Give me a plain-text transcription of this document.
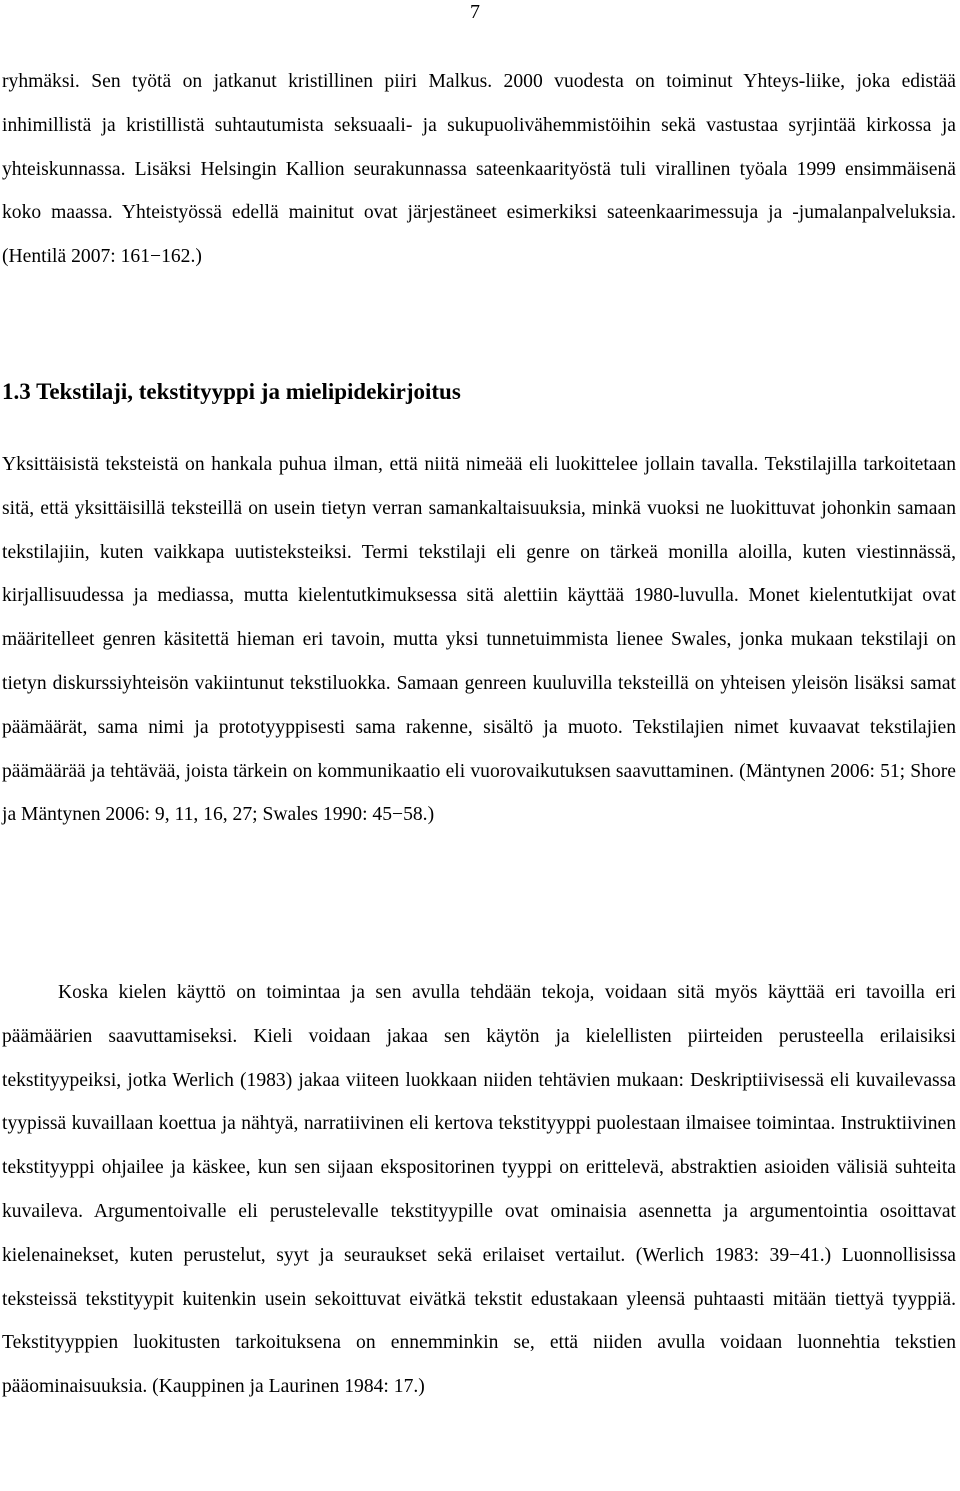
7

ryhmäksi. Sen työtä on jatkanut kristillinen piiri Malkus. 2000 vuodesta on toiminut Yhteys-liike, joka edistää inhimillistä ja kristillistä suhtautumista seksuaali- ja sukupuolivähemmistöihin sekä vastustaa syrjintää kirkossa ja yhteiskunnassa. Lisäksi Helsingin Kallion seurakunnassa sateenkaarityöstä tuli virallinen työala 1999 ensimmäisenä koko maassa. Yhteistyössä edellä mainitut ovat järjestäneet esimerkiksi sateenkaarimessuja ja -jumalanpalveluksia. (Hentilä 2007: 161−162.)

1.3 Tekstilaji, tekstityyppi ja mielipidekirjoitus

Yksittäisistä teksteistä on hankala puhua ilman, että niitä nimeää eli luokittelee jollain tavalla. Tekstilajilla tarkoitetaan sitä, että yksittäisillä teksteillä on usein tietyn verran samankaltaisuuksia, minkä vuoksi ne luokittuvat johonkin samaan tekstilajiin, kuten vaikkapa uutisteksteiksi. Termi tekstilaji eli genre on tärkeä monilla aloilla, kuten viestinnässä, kirjallisuudessa ja mediassa, mutta kielentutkimuksessa sitä alettiin käyttää 1980-luvulla. Monet kielentutkijat ovat määritelleet genren käsitettä hieman eri tavoin, mutta yksi tunnetuimmista lienee Swales, jonka mukaan tekstilaji on tietyn diskurssiyhteisön vakiintunut tekstiluokka. Samaan genreen kuuluvilla teksteillä on yhteisen yleisön lisäksi samat päämäärät, sama nimi ja prototyyppisesti sama rakenne, sisältö ja muoto. Tekstilajien nimet kuvaavat tekstilajien päämäärää ja tehtävää, joista tärkein on kommunikaatio eli vuorovaikutuksen saavuttaminen. (Mäntynen 2006: 51; Shore ja Mäntynen 2006: 9, 11, 16, 27; Swales 1990: 45−58.)

Koska kielen käyttö on toimintaa ja sen avulla tehdään tekoja, voidaan sitä myös käyttää eri tavoilla eri päämäärien saavuttamiseksi. Kieli voidaan jakaa sen käytön ja kielellisten piirteiden perusteella erilaisiksi tekstityypeiksi, jotka Werlich (1983) jakaa viiteen luokkaan niiden tehtävien mukaan: Deskriptiivisessä eli kuvailevassa tyypissä kuvaillaan koettua ja nähtyä, narratiivinen eli kertova tekstityyppi puolestaan ilmaisee toimintaa. Instruktiivinen tekstityyppi ohjailee ja käskee, kun sen sijaan ekspositorinen tyyppi on erittelevä, abstraktien asioiden välisiä suhteita kuvaileva. Argumentoivalle eli perustelevalle tekstityypille ovat ominaisia asennetta ja argumentointia osoittavat kielenainekset, kuten perustelut, syyt ja seuraukset sekä erilaiset vertailut. (Werlich 1983: 39−41.) Luonnollisissa teksteissä tekstityypit kuitenkin usein sekoittuvat eivätkä tekstit edustakaan yleensä puhtaasti mitään tiettyä tyyppiä. Tekstityyppien luokitusten tarkoituksena on ennemminkin se, että niiden avulla voidaan luonnehtia tekstien pääominaisuuksia. (Kauppinen ja Laurinen 1984: 17.)
